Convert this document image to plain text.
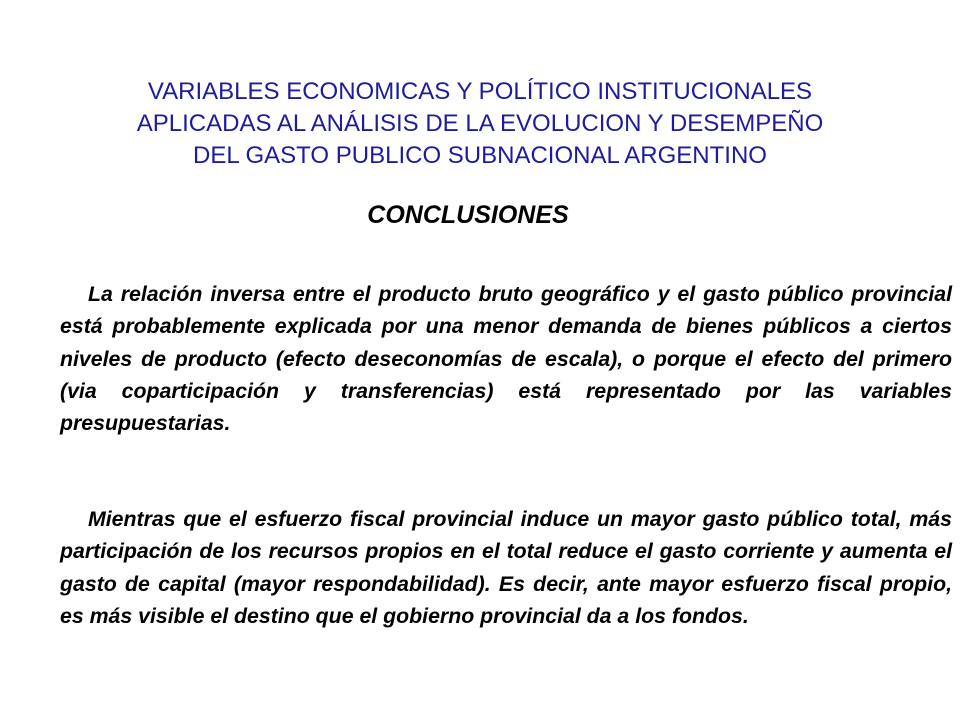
VARIABLES ECONOMICAS Y POLÍTICO INSTITUCIONALES
APLICADAS AL ANÁLISIS DE LA EVOLUCION Y DESEMPEÑO
DEL GASTO PUBLICO SUBNACIONAL ARGENTINO
CONCLUSIONES

La relación inversa entre el producto bruto geográfico y el gasto público provincial está probablemente explicada por una menor demanda de bienes públicos a ciertos niveles de producto (efecto deseconomías de escala), o porque el efecto del primero (via coparticipación y transferencias) está representado por las variables presupuestarias.

Mientras que el esfuerzo fiscal provincial induce un mayor gasto público total, más participación de los recursos propios en el total reduce el gasto corriente y aumenta el gasto de capital (mayor respondabilidad). Es decir, ante mayor esfuerzo fiscal propio, es más visible el destino que el gobierno provincial da a los fondos.
